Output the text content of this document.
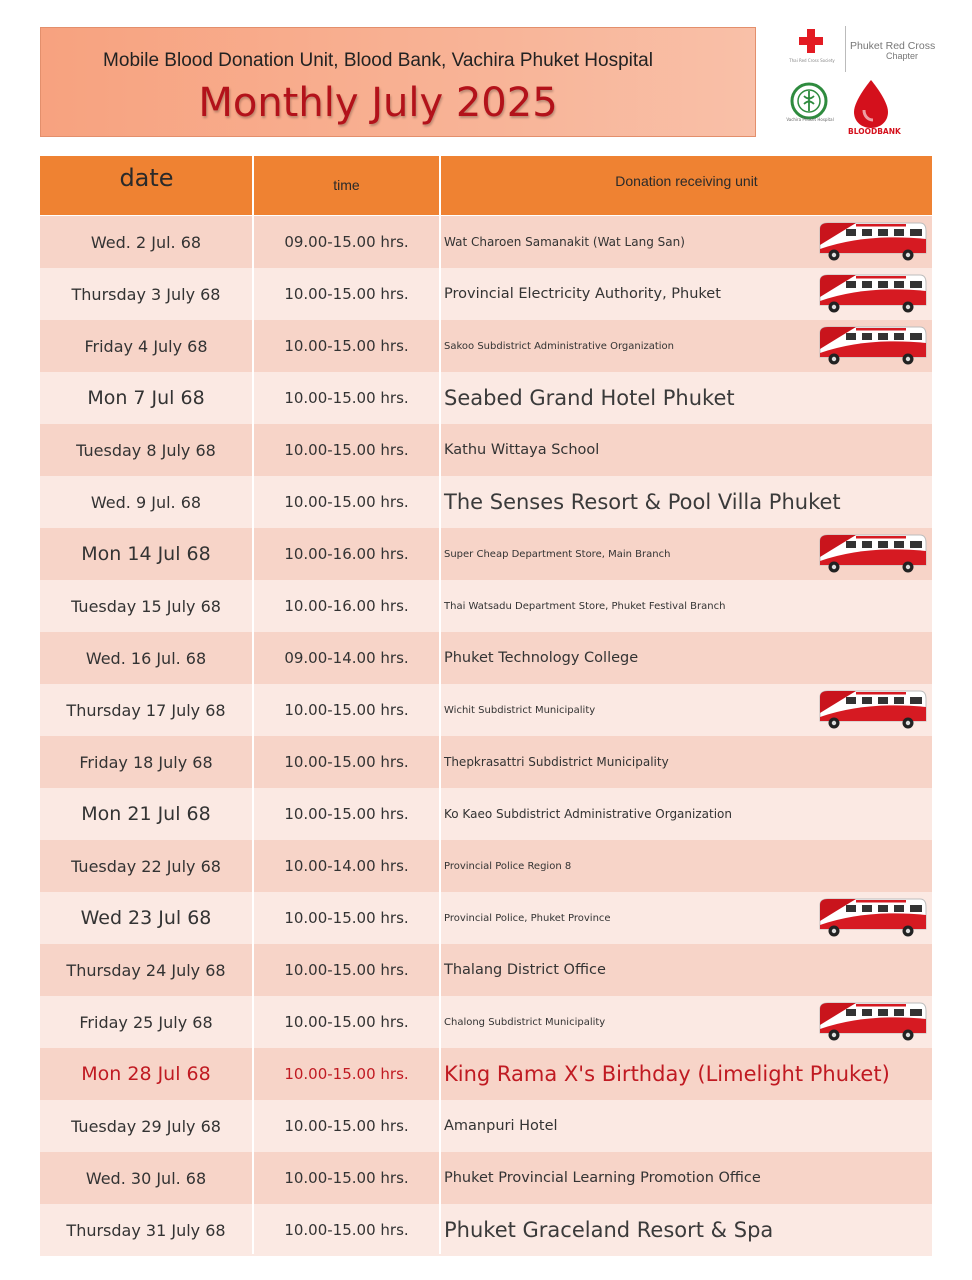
Mobile Blood Donation Unit, Blood Bank, Vachira Phuket Hospital
Monthly July 2025
Thai Red Cross Society
Phuket Red Cross
Chapter
Vachira Phuket Hospital
BLOODBANK
date	time	Donation receiving unit
Wed. 2 Jul. 68	09.00-15.00 hrs.	Wat Charoen Samanakit (Wat Lang San)
Thursday 3 July 68	10.00-15.00 hrs.	Provincial Electricity Authority, Phuket
Friday 4 July 68	10.00-15.00 hrs.	Sakoo Subdistrict Administrative Organization
Mon 7 Jul 68	10.00-15.00 hrs.	Seabed Grand Hotel Phuket
Tuesday 8 July 68	10.00-15.00 hrs.	Kathu Wittaya School
Wed. 9 Jul. 68	10.00-15.00 hrs.	The Senses Resort & Pool Villa Phuket
Mon 14 Jul 68	10.00-16.00 hrs.	Super Cheap Department Store, Main Branch
Tuesday 15 July 68	10.00-16.00 hrs.	Thai Watsadu Department Store, Phuket Festival Branch
Wed. 16 Jul. 68	09.00-14.00 hrs.	Phuket Technology College
Thursday 17 July 68	10.00-15.00 hrs.	Wichit Subdistrict Municipality
Friday 18 July 68	10.00-15.00 hrs.	Thepkrasattri Subdistrict Municipality
Mon 21 Jul 68	10.00-15.00 hrs.	Ko Kaeo Subdistrict Administrative Organization
Tuesday 22 July 68	10.00-14.00 hrs.	Provincial Police Region 8
Wed 23 Jul 68	10.00-15.00 hrs.	Provincial Police, Phuket Province
Thursday 24 July 68	10.00-15.00 hrs.	Thalang District Office
Friday 25 July 68	10.00-15.00 hrs.	Chalong Subdistrict Municipality
Mon 28 Jul 68	10.00-15.00 hrs.	King Rama X's Birthday (Limelight Phuket)
Tuesday 29 July 68	10.00-15.00 hrs.	Amanpuri Hotel
Wed. 30 Jul. 68	10.00-15.00 hrs.	Phuket Provincial Learning Promotion Office
Thursday 31 July 68	10.00-15.00 hrs.	Phuket Graceland Resort & Spa
